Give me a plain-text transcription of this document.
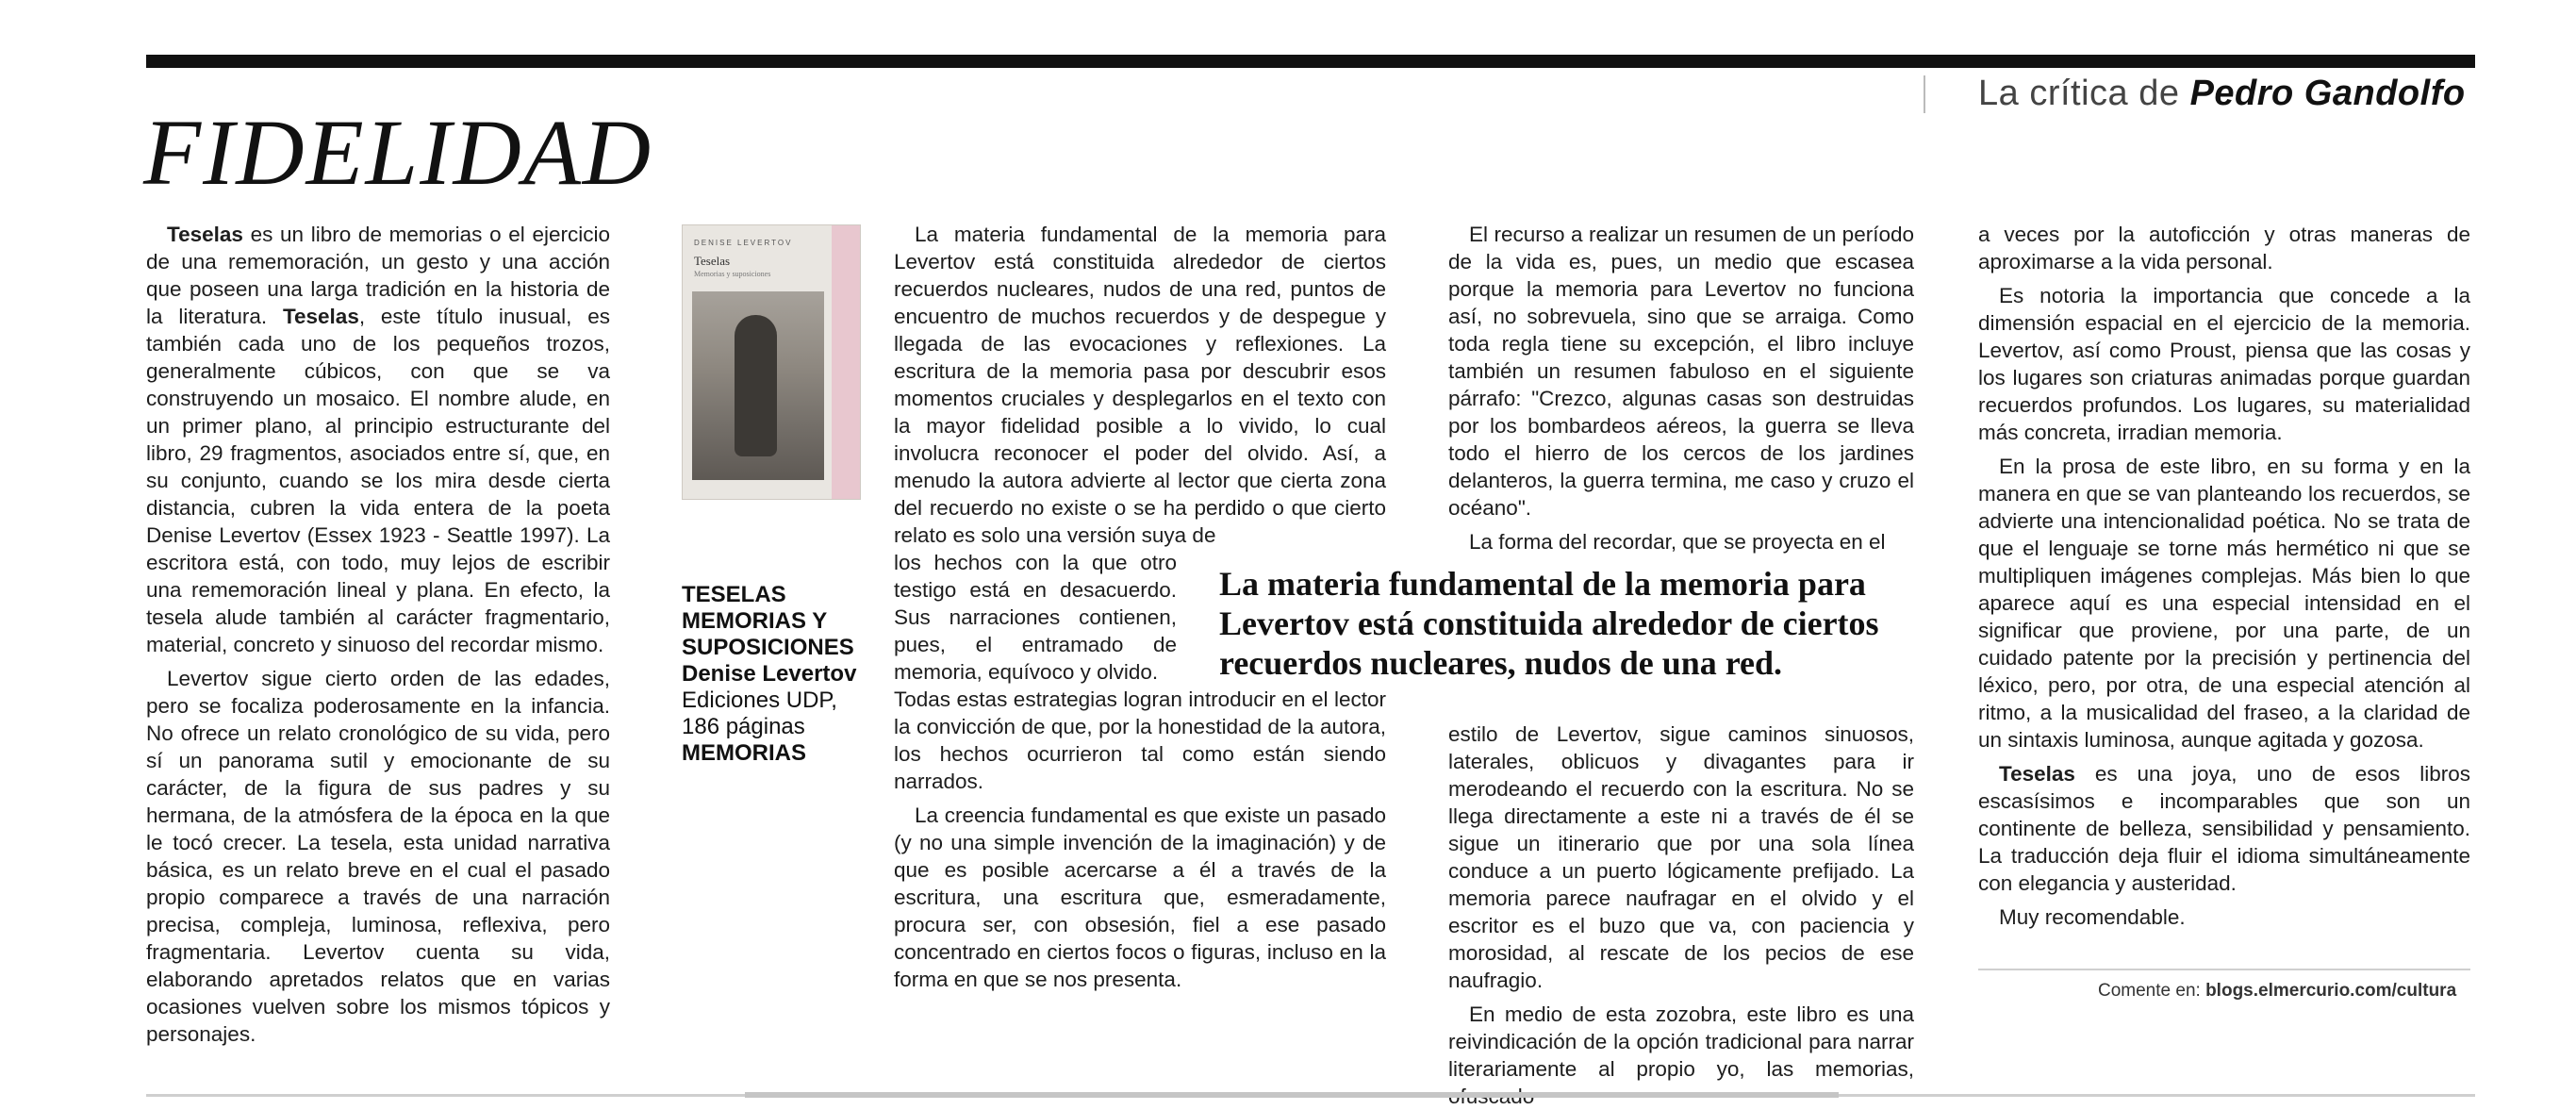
La crítica de Pedro Gandolfo
FIDELIDAD

Teselas es un libro de memorias o el ejercicio de una rememoración, un gesto y una acción que poseen una larga tradición en la historia de la literatura. Teselas, este título inusual, es también cada uno de los pequeños trozos, generalmente cúbicos, con que se va construyendo un mosaico. El nombre alude, en un primer plano, al principio estructurante del libro, 29 fragmentos, asociados entre sí, que, en su conjunto, cuando se los mira desde cierta distancia, cubren la vida entera de la poeta Denise Levertov (Essex 1923 - Seattle 1997). La escritora está, con todo, muy lejos de escribir una rememoración lineal y plana. En efecto, la tesela alude también al carácter fragmentario, material, concreto y sinuoso del recordar mismo.

Levertov sigue cierto orden de las edades, pero se focaliza poderosamente en la infancia. No ofrece un relato cronológico de su vida, pero sí un panorama sutil y emocionante de su carácter, de la figura de sus padres y su hermana, de la atmósfera de la época en la que le tocó crecer. La tesela, esta unidad narrativa básica, es un relato breve en el cual el pasado propio comparece a través de una narración precisa, compleja, luminosa, reflexiva, pero fragmentaria. Levertov cuenta su vida, elaborando apretados relatos que en varias ocasiones vuelven sobre los mismos tópicos y personajes.

DENISE LEVERTOV
Teselas
Memorias y suposiciones
TESELAS
MEMORIAS Y
SUPOSICIONES
Denise Levertov
Ediciones UDP,
186 páginas
MEMORIAS

La materia fundamental de la memoria para Levertov está constituida alrededor de ciertos recuerdos nucleares, nudos de una red, puntos de encuentro de muchos recuerdos y de despegue y llegada de las evocaciones y reflexiones. La escritura de la memoria pasa por descubrir esos momentos cruciales y desplegarlos en el texto con la mayor fidelidad posible a lo vivido, lo cual involucra reconocer el poder del olvido. Así, a menudo la autora advierte al lector que cierta zona del recuerdo no existe o se ha perdido o que cierto relato es solo una versión suya de

los hechos con la que otro testigo está en desacuerdo. Sus narraciones contienen, pues, el entramado de memoria, equívoco y olvido.

Todas estas estrategias logran introducir en el lector la convicción de que, por la honestidad de la autora, los hechos ocurrieron tal como están siendo narrados.

La creencia fundamental es que existe un pasado (y no una simple invención de la imaginación) y de que es posible acercarse a él a través de la escritura, una escritura que, esmeradamente, procura ser, con obsesión, fiel a ese pasado concentrado en ciertos focos o figuras, incluso en la forma en que se nos presenta.

La materia fundamental de la memoria para Levertov está constituida alrededor de ciertos recuerdos nucleares, nudos de una red.

El recurso a realizar un resumen de un período de la vida es, pues, un medio que escasea porque la memoria para Levertov no funciona así, no sobrevuela, sino que se arraiga. Como toda regla tiene su excepción, el libro incluye también un resumen fabuloso en el siguiente párrafo: "Crezco, algunas casas son destruidas por los bombardeos aéreos, la guerra se lleva todo el hierro de los cercos de los jardines delanteros, la guerra termina, me caso y cruzo el océano".

La forma del recordar, que se proyecta en el

estilo de Levertov, sigue caminos sinuosos, laterales, oblicuos y divagantes para ir merodeando el recuerdo con la escritura. No se llega directamente a este ni a través de él se sigue un itinerario que por una sola línea conduce a un puerto lógicamente prefijado. La memoria parece naufragar en el olvido y el escritor es el buzo que va, con paciencia y morosidad, al rescate de los pecios de ese naufragio.

En medio de esta zozobra, este libro es una reivindicación de la opción tradicional para narrar literariamente al propio yo, las memorias,

a veces por la autoficción y otras maneras de aproximarse a la vida personal.

Es notoria la importancia que concede a la dimensión espacial en el ejercicio de la memoria. Levertov, así como Proust, piensa que las cosas y los lugares son criaturas animadas porque guardan recuerdos profundos. Los lugares, su materialidad más concreta, irradian memoria.

En la prosa de este libro, en su forma y en la manera en que se van planteando los recuerdos, se advierte una intencionalidad poética. No se trata de que el lenguaje se torne más hermético ni que se multipliquen imágenes complejas. Más bien lo que aparece aquí es una especial intensidad en el significar que proviene, por una parte, de un cuidado patente por la precisión y pertinencia del léxico, pero, por otra, de una especial atención al ritmo, a la musicalidad del fraseo, a la claridad de un sintaxis luminosa, aunque agitada y gozosa.

Teselas es una joya, uno de esos libros escasísimos e incomparables que son un continente de belleza, sensibilidad y pensamiento. La traducción deja fluir el idioma simultáneamente con elegancia y austeridad.

Muy recomendable.

Comente en: blogs.elmercurio.com/cultura
